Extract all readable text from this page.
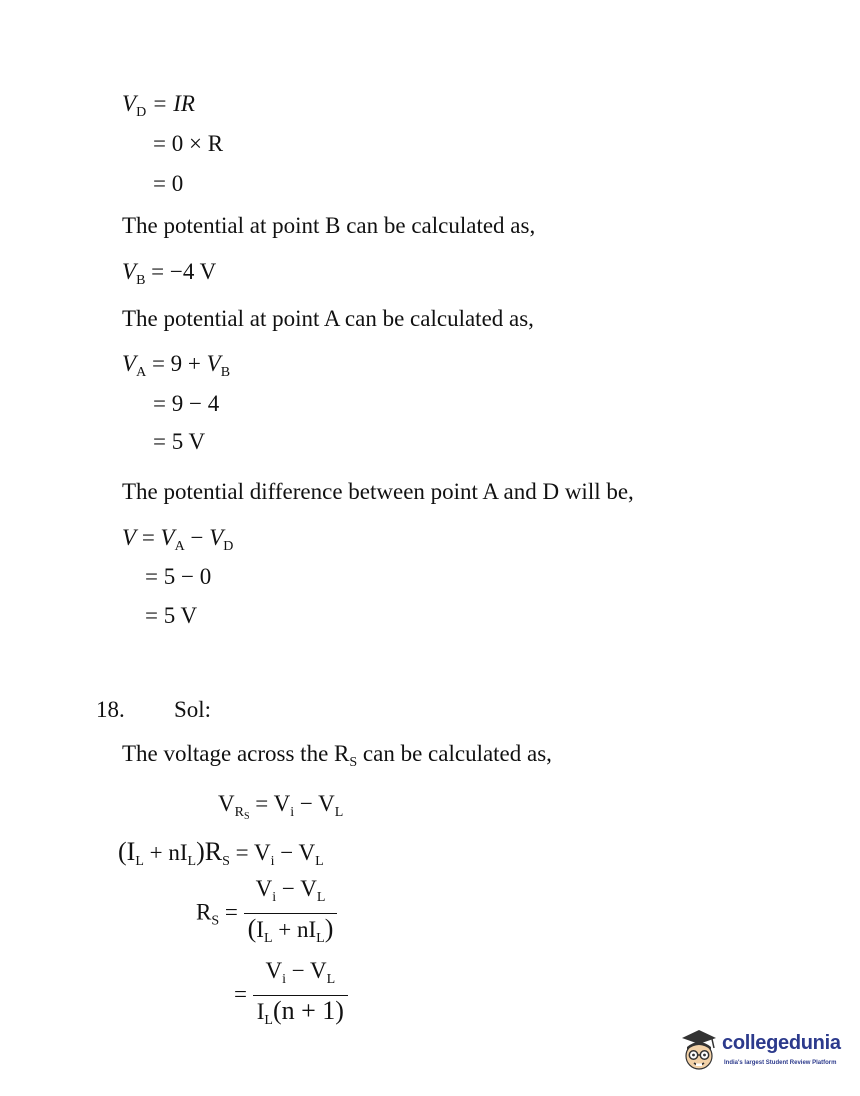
$V_D$ = IR
= 0 × R
= 0
The potential at point B can be calculated as,
$V_B = -4$ V
The potential at point A can be calculated as,
$V_A = 9 + V_B$
= 9 − 4
= 5 V
The potential difference between point A and D will be,
$V = V_A - V_D$
= 5 − 0
= 5 V
18. Sol:
The voltage across the $R_S$ can be calculated as,
$V_{R_S} = V_i - V_L$
$(I_L + nI_L)R_S = V_i - V_L$
$R_S = \frac{V_i - V_L}{(I_L + nI_L)}$
= $\frac{V_i - V_L}{I_L(n + 1)}$
collegedunia
India's largest Student Review Platform
